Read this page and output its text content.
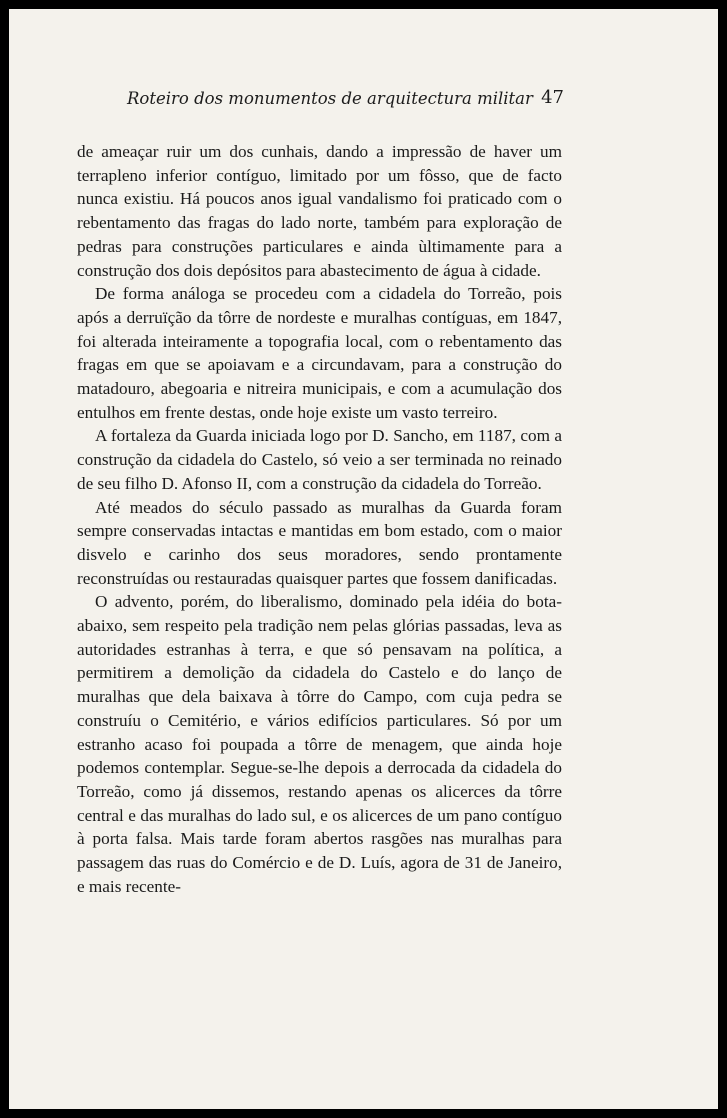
Roteiro dos monumentos de arquitectura militar 47

de ameaçar ruir um dos cunhais, dando a impressão de haver um terrapleno inferior contíguo, limitado por um fôsso, que de facto nunca existiu. Há poucos anos igual vandalismo foi praticado com o rebentamento das fragas do lado norte, também para exploração de pedras para construções particulares e ainda ùltimamente para a construção dos dois depósitos para abastecimento de água à cidade.

De forma análoga se procedeu com a cidadela do Torreão, pois após a derruïção da tôrre de nordeste e muralhas contíguas, em 1847, foi alterada inteiramente a topografia local, com o rebentamento das fragas em que se apoiavam e a circundavam, para a construção do matadouro, abegoaria e nitreira municipais, e com a acumulação dos entulhos em frente destas, onde hoje existe um vasto terreiro.

A fortaleza da Guarda iniciada logo por D. Sancho, em 1187, com a construção da cidadela do Castelo, só veio a ser terminada no reinado de seu filho D. Afonso II, com a construção da cidadela do Torreão.

Até meados do século passado as muralhas da Guarda foram sempre conservadas intactas e mantidas em bom estado, com o maior disvelo e carinho dos seus moradores, sendo prontamente reconstruídas ou restauradas quaisquer partes que fossem danificadas.

O advento, porém, do liberalismo, dominado pela idéia do bota-abaixo, sem respeito pela tradição nem pelas glórias passadas, leva as autoridades estranhas à terra, e que só pensavam na política, a permitirem a demolição da cidadela do Castelo e do lanço de muralhas que dela baixava à tôrre do Campo, com cuja pedra se construíu o Cemitério, e vários edifícios particulares. Só por um estranho acaso foi poupada a tôrre de menagem, que ainda hoje podemos contemplar. Segue-se-lhe depois a derrocada da cidadela do Torreão, como já dissemos, restando apenas os alicerces da tôrre central e das muralhas do lado sul, e os alicerces de um pano contíguo à porta falsa. Mais tarde foram abertos rasgões nas muralhas para passagem das ruas do Comércio e de D. Luís, agora de 31 de Janeiro, e mais recente-
